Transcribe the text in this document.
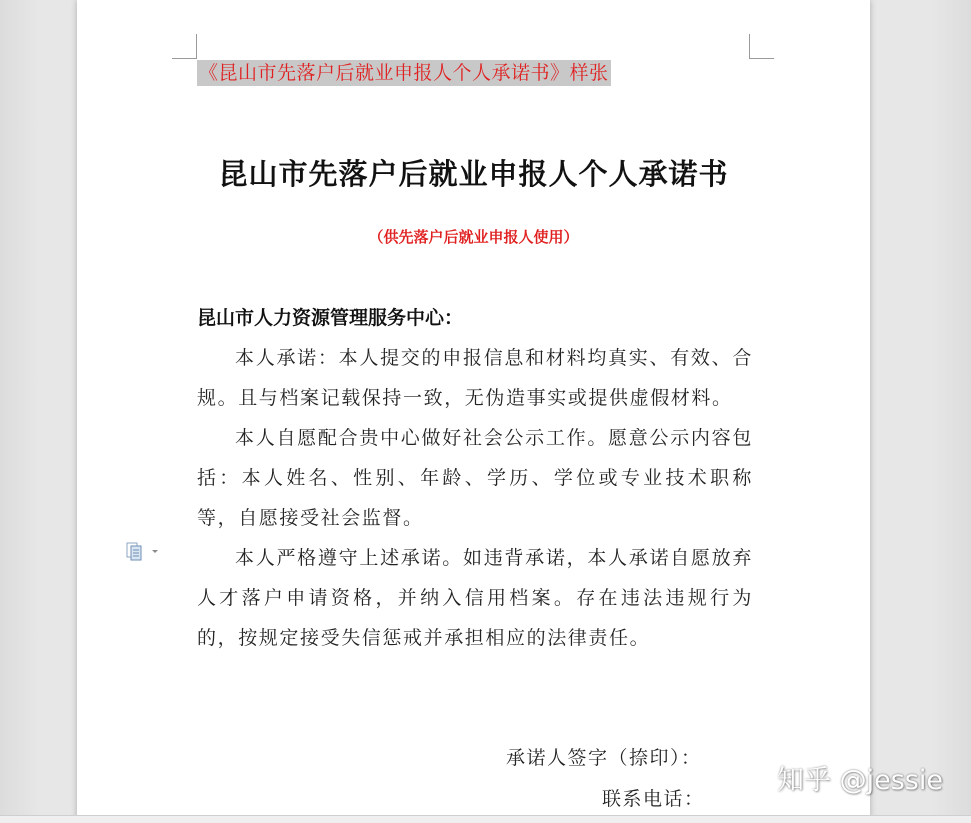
《昆山市先落户后就业申报人个人承诺书》样张
昆山市先落户后就业申报人个人承诺书
（供先落户后就业申报人使用）
昆山市人力资源管理服务中心：

本人承诺：本人提交的申报信息和材料均真实、有效、合规。且与档案记载保持一致，无伪造事实或提供虚假材料。

本人自愿配合贵中心做好社会公示工作。愿意公示内容包括：本人姓名、性别、年龄、学历、学位或专业技术职称等，自愿接受社会监督。

本人严格遵守上述承诺。如违背承诺，本人承诺自愿放弃人才落户申请资格，并纳入信用档案。存在违法违规行为的，按规定接受失信惩戒并承担相应的法律责任。

承诺人签字（捺印）：
联系电话：
知乎 @jessie
